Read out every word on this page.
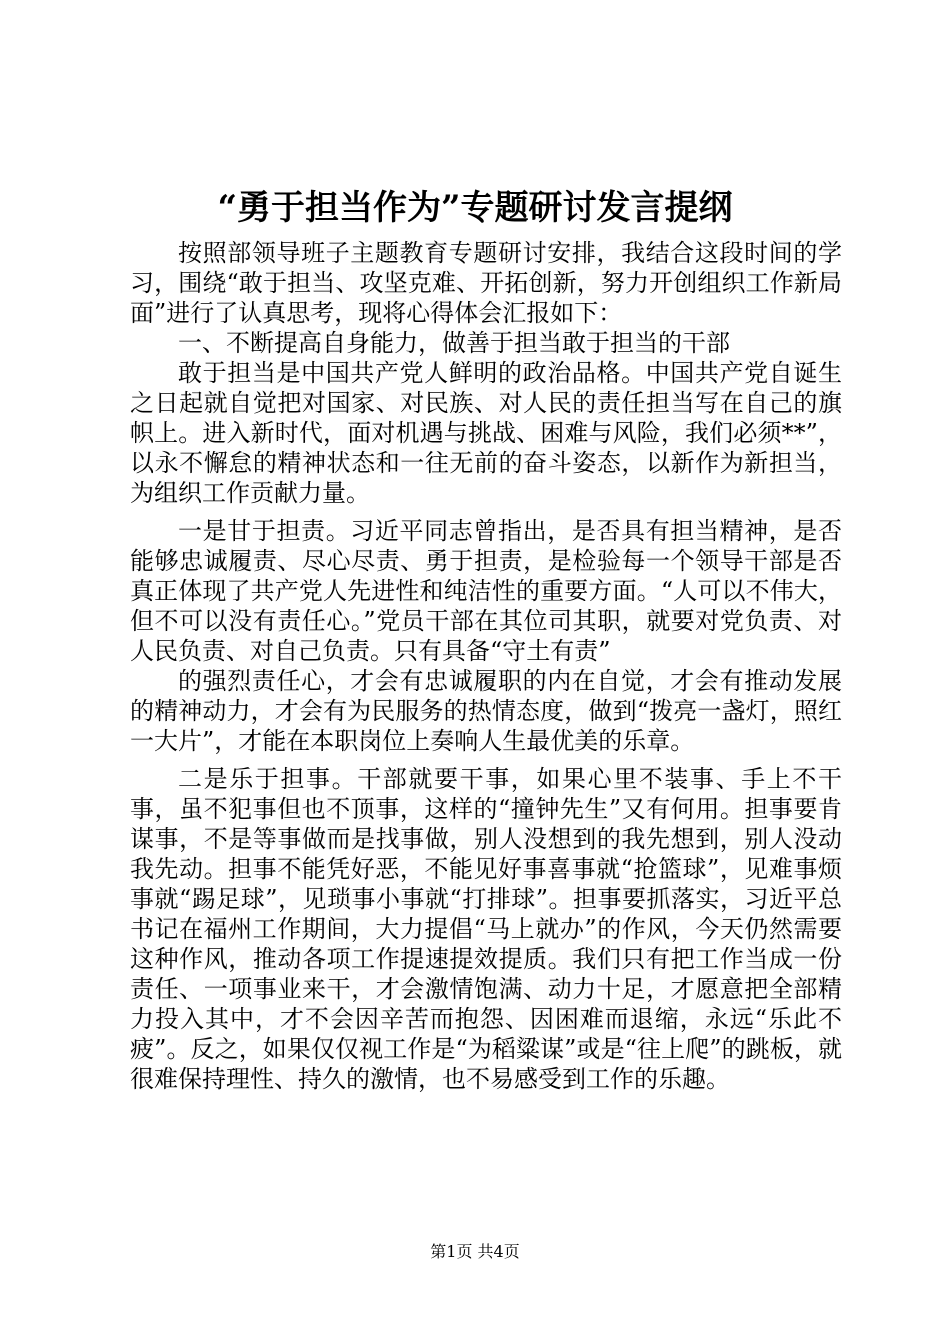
“勇于担当作为”专题研讨发言提纲

按照部领导班子主题教育专题研讨安排，我结合这段时间的学习，围绕“敢于担当、攻坚克难、开拓创新，努力开创组织工作新局面”进行了认真思考，现将心得体会汇报如下：

一、不断提高自身能力，做善于担当敢于担当的干部

敢于担当是中国共产党人鲜明的政治品格。中国共产党自诞生之日起就自觉把对国家、对民族、对人民的责任担当写在自己的旗帜上。进入新时代，面对机遇与挑战、困难与风险，我们必须**”，以永不懈怠的精神状态和一往无前的奋斗姿态，以新作为新担当，为组织工作贡献力量。

一是甘于担责。习近平同志曾指出，是否具有担当精神，是否能够忠诚履责、尽心尽责、勇于担责，是检验每一个领导干部是否真正体现了共产党人先进性和纯洁性的重要方面。“人可以不伟大，但不可以没有责任心。”党员干部在其位司其职，就要对党负责、对人民负责、对自己负责。只有具备“守土有责”

的强烈责任心，才会有忠诚履职的内在自觉，才会有推动发展的精神动力，才会有为民服务的热情态度，做到“拨亮一盏灯，照红一大片”，才能在本职岗位上奏响人生最优美的乐章。

二是乐于担事。干部就要干事，如果心里不装事、手上不干事，虽不犯事但也不顶事，这样的“撞钟先生”又有何用。担事要肯谋事，不是等事做而是找事做，别人没想到的我先想到，别人没动我先动。担事不能凭好恶，不能见好事喜事就“抢篮球”，见难事烦事就“踢足球”，见琐事小事就“打排球”。担事要抓落实，习近平总书记在福州工作期间，大力提倡“马上就办”的作风，今天仍然需要这种作风，推动各项工作提速提效提质。我们只有把工作当成一份责任、一项事业来干，才会激情饱满、动力十足，才愿意把全部精力投入其中，才不会因辛苦而抱怨、因困难而退缩，永远“乐此不疲”。反之，如果仅仅视工作是“为稻粱谋”或是“往上爬”的跳板，就很难保持理性、持久的激情，也不易感受到工作的乐趣。

第1页 共4页
